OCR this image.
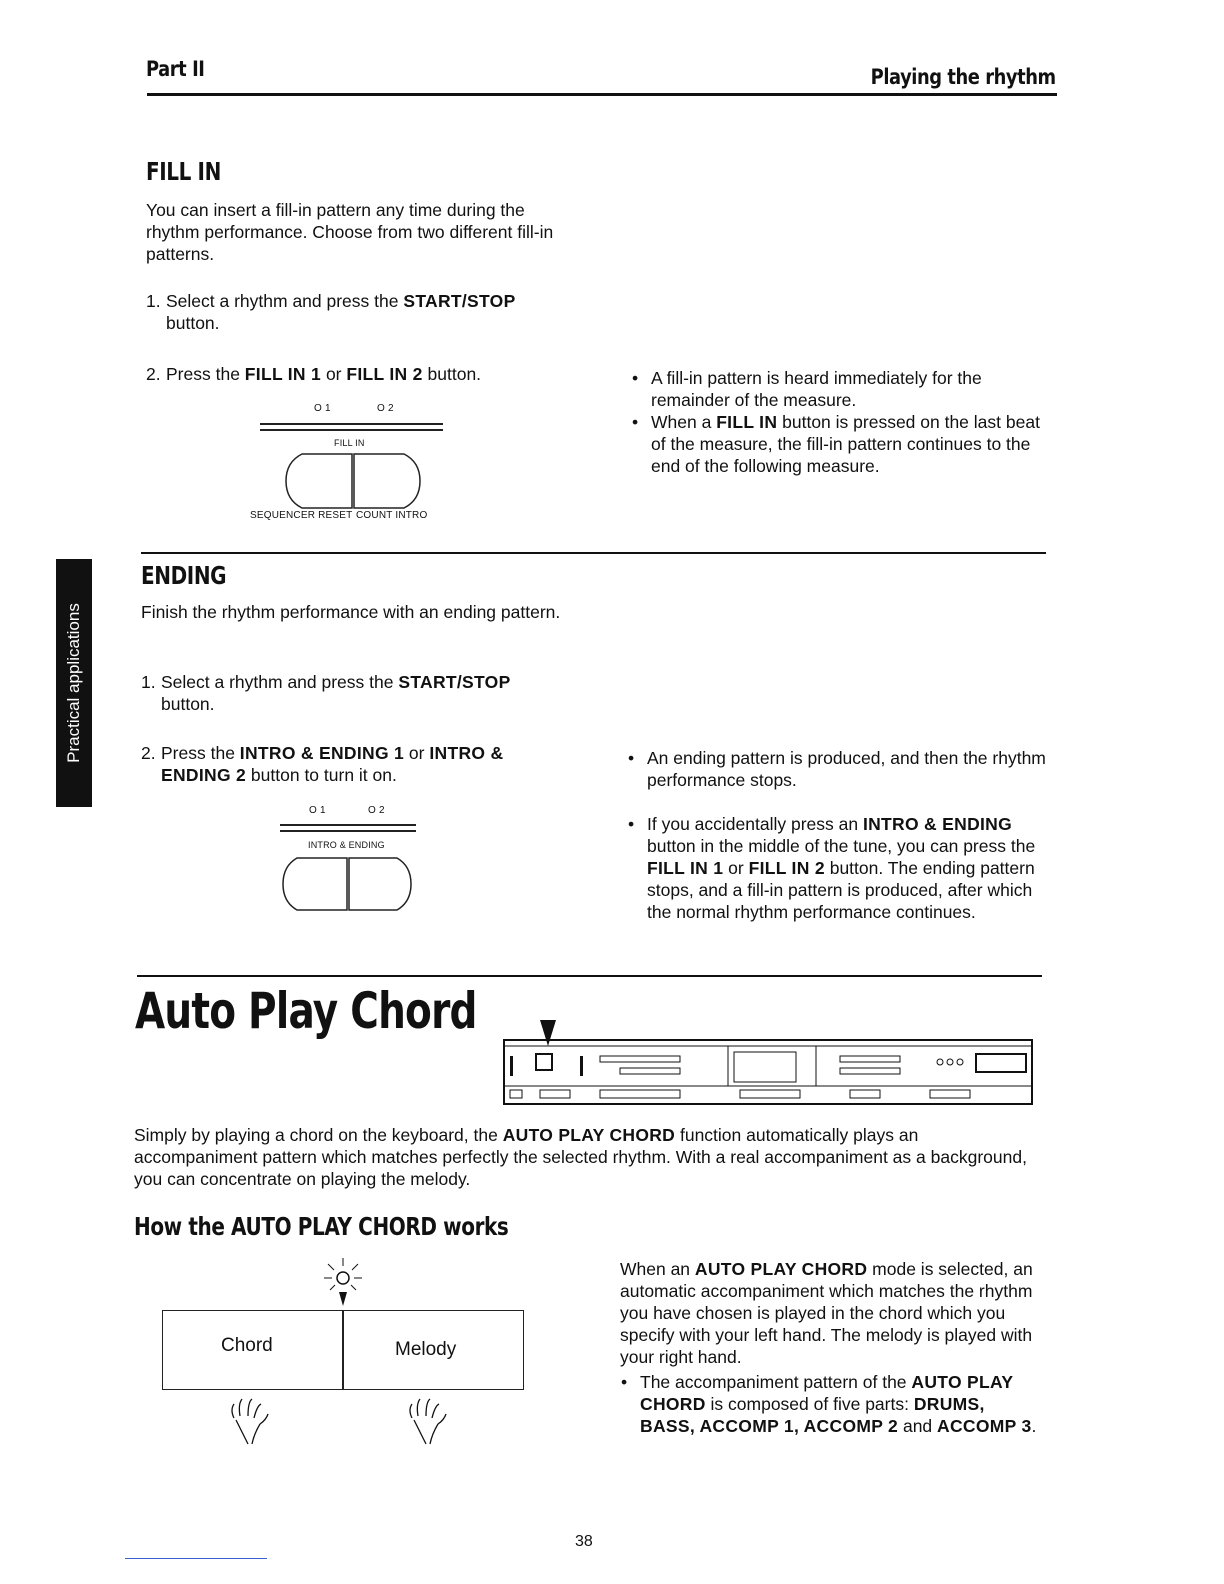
Part II	Playing the rhythm
Practical applications
FILL IN
You can insert a fill-in pattern any time during the rhythm performance. Choose from two different fill-in patterns.
1. Select a rhythm and press the START/STOP
button.
2. Press the FILL IN 1 or FILL IN 2 button.
O 1	O 2
FILL IN
SEQUENCER RESET COUNT INTRO
• A fill-in pattern is heard immediately for the remainder of the measure.
• When a FILL IN button is pressed on the last beat of the measure, the fill-in pattern continues to the end of the following measure.
ENDING
Finish the rhythm performance with an ending pattern.
1. Select a rhythm and press the START/STOP
button.
2. Press the INTRO & ENDING 1 or INTRO & ENDING 2 button to turn it on.
O 1	O 2
INTRO & ENDING
• An ending pattern is produced, and then the rhythm performance stops.
• If you accidentally press an INTRO & ENDING button in the middle of the tune, you can press the FILL IN 1 or FILL IN 2 button. The ending pattern stops, and a fill-in pattern is produced, after which the normal rhythm performance continues.
Auto Play Chord
Simply by playing a chord on the keyboard, the AUTO PLAY CHORD function automatically plays an accompaniment pattern which matches perfectly the selected rhythm. With a real accompaniment as a background, you can concentrate on playing the melody.
How the AUTO PLAY CHORD works
Chord	Melody
When an AUTO PLAY CHORD mode is selected, an automatic accompaniment which matches the rhythm you have chosen is played in the chord which you specify with your left hand. The melody is played with your right hand.
• The accompaniment pattern of the AUTO PLAY CHORD is composed of five parts: DRUMS, BASS, ACCOMP 1, ACCOMP 2 and ACCOMP 3.
38
